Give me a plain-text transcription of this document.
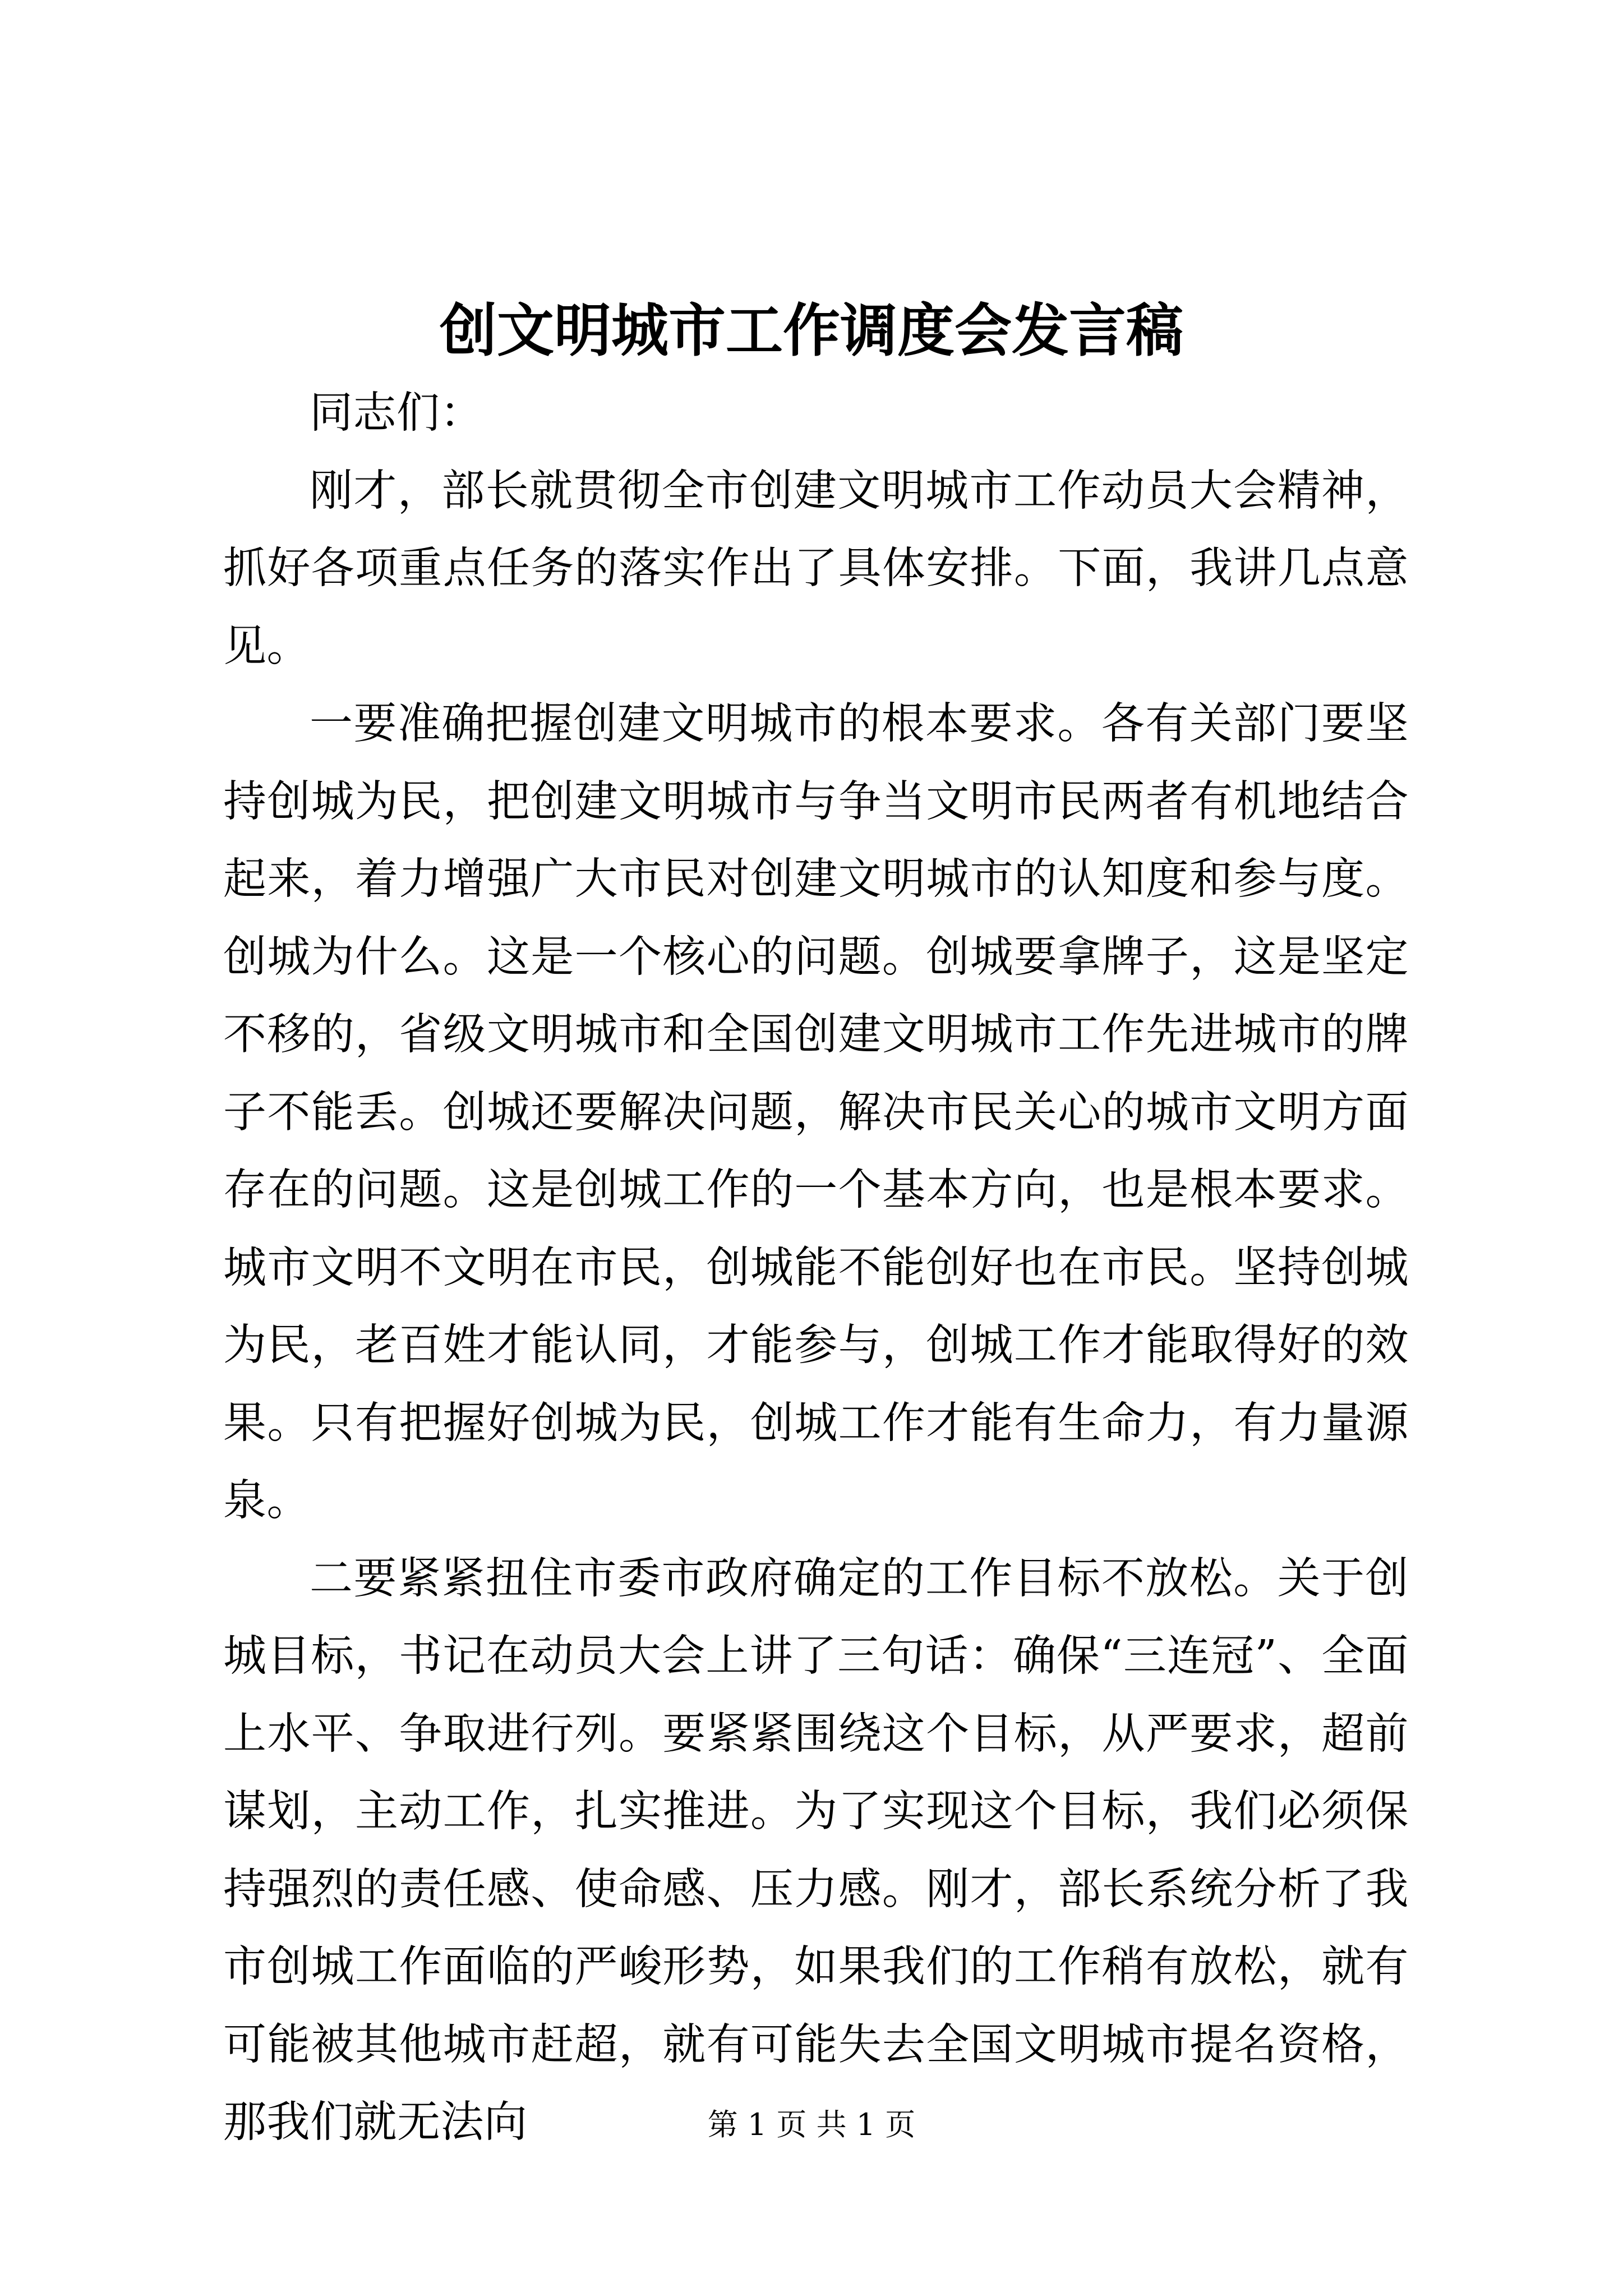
创文明城市工作调度会发言稿

同志们：

刚才，部长就贯彻全市创建文明城市工作动员大会精神，抓好各项重点任务的落实作出了具体安排。下面，我讲几点意见。

一要准确把握创建文明城市的根本要求。各有关部门要坚持创城为民，把创建文明城市与争当文明市民两者有机地结合起来，着力增强广大市民对创建文明城市的认知度和参与度。创城为什么。这是一个核心的问题。创城要拿牌子，这是坚定不移的，省级文明城市和全国创建文明城市工作先进城市的牌子不能丢。创城还要解决问题，解决市民关心的城市文明方面存在的问题。这是创城工作的一个基本方向，也是根本要求。城市文明不文明在市民，创城能不能创好也在市民。坚持创城为民，老百姓才能认同，才能参与，创城工作才能取得好的效果。只有把握好创城为民，创城工作才能有生命力，有力量源泉。

二要紧紧扭住市委市政府确定的工作目标不放松。关于创城目标，书记在动员大会上讲了三句话：确保“三连冠”、全面上水平、争取进行列。要紧紧围绕这个目标，从严要求，超前谋划，主动工作，扎实推进。为了实现这个目标，我们必须保持强烈的责任感、使命感、压力感。刚才，部长系统分析了我市创城工作面临的严峻形势，如果我们的工作稍有放松，就有可能被其他城市赶超，就有可能失去全国文明城市提名资格，那我们就无法向	第 1 页 共 1 页
